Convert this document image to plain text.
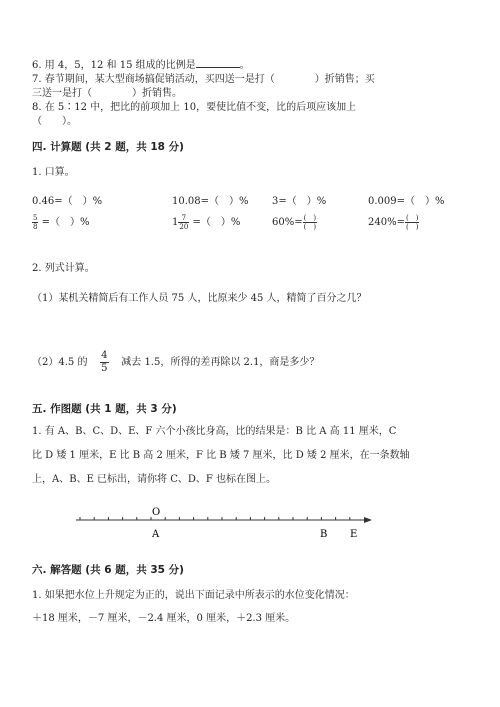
6. 用 4，5，12 和 15 组成的比例是	。
7. 春节期间，某大型商场搞促销活动，买四送一是打（　　　　）折销售；买
三送一是打（　　　　）折销售。
8. 在 5∶12 中，把比的前项加上 10，要使比值不变，比的后项应该加上
（　　）。
四. 计算题 (共 2 题，共 18 分)
1. 口算。
0.46=（　）%	10.08=（　）% 3=（　）%	0.009=（　）%
$\frac{5}{8}$ =（　）%	$1 \frac{7}{20}$ =（　）%	$60\%= \frac{( )}{( )}$	$240\%= \frac{( )}{( )}$
2. 列式计算。
（1）某机关精简后有工作人员 75 人，比原来少 45 人，精简了百分之几？
（2）4.5 的 $\frac{4}{5}$ 减去 1.5，所得的差再除以 2.1，商是多少？
五. 作图题 (共 1 题，共 3 分)
1. 有 A、B、C、D、E、F 六个小孩比身高，比的结果是：B 比 A 高 11 厘米，C
比 D 矮 1 厘米，E 比 B 高 2 厘米，F 比 B 矮 7 厘米，比 D 矮 2 厘米，在一条数轴
上，A、B、E 已标出，请你将 C、D、F 也标在图上。
O
A	B E
六. 解答题 (共 6 题，共 35 分)
1. 如果把水位上升规定为正的，说出下面记录中所表示的水位变化情况：
＋18 厘米，－7 厘米，－2.4 厘米，0 厘米，＋2.3 厘米。
